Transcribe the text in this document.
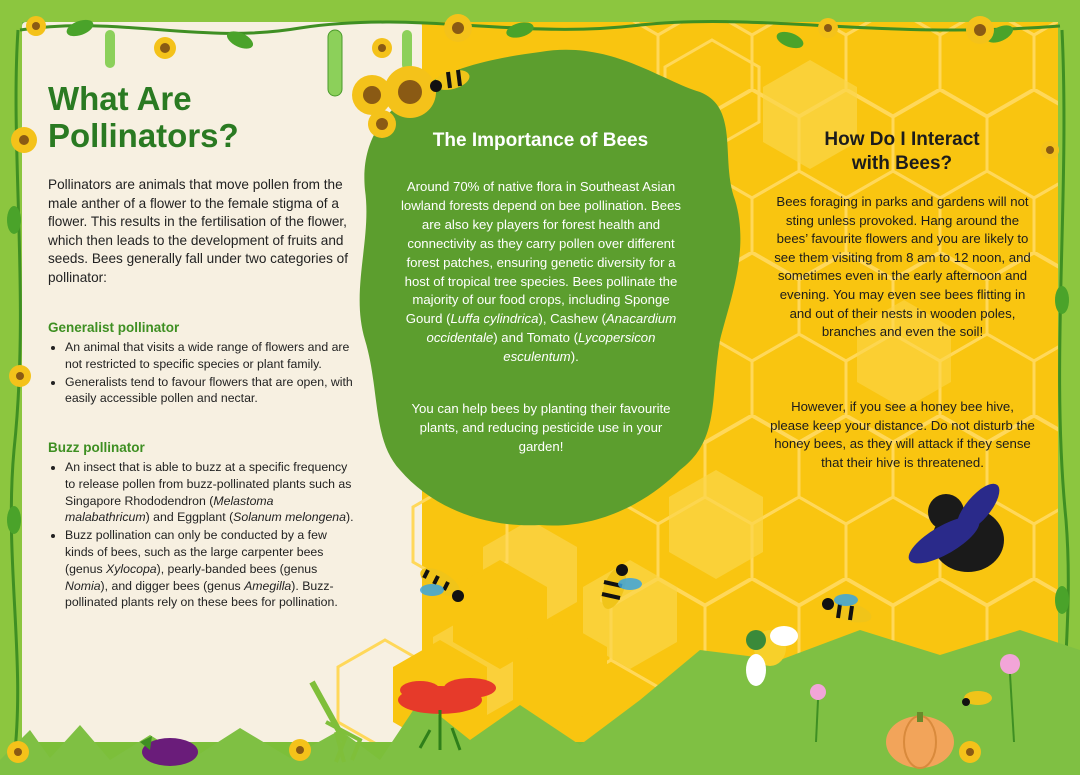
What Are
Pollinators?

Pollinators are animals that move pollen from the male anther of a flower to the female stigma of a flower. This results in the fertilisation of the flower, which then leads to the development of fruits and seeds. Bees generally fall under two categories of pollinator:

Generalist pollinator

• An animal that visits a wide range of flowers and are not restricted to specific species or plant family.
• Generalists tend to favour flowers that are open, with easily accessible pollen and nectar.

Buzz pollinator

• An insect that is able to buzz at a specific frequency to release pollen from buzz-pollinated plants such as Singapore Rhododendron (Melastoma malabathricum) and Eggplant (Solanum melongena).
• Buzz pollination can only be conducted by a few kinds of bees, such as the large carpenter bees (genus Xylocopa), pearly-banded bees (genus Nomia), and digger bees (genus Amegilla). Buzz-pollinated plants rely on these bees for pollination.
The Importance of Bees

Around 70% of native flora in Southeast Asian lowland forests depend on bee pollination. Bees are also key players for forest health and connectivity as they carry pollen over different forest patches, ensuring genetic diversity for a host of tropical tree species. Bees pollinate the majority of our food crops, including Sponge Gourd (Luffa cylindrica), Cashew (Anacardium occidentale) and Tomato (Lycopersicon esculentum).

You can help bees by planting their favourite plants, and reducing pesticide use in your garden!

How Do I Interact
with Bees?

Bees foraging in parks and gardens will not sting unless provoked. Hang around the bees’ favourite flowers and you are likely to see them visiting from 8 am to 12 noon, and sometimes even in the early afternoon and evening. You may even see bees flitting in and out of their nests in wooden poles, branches and even the soil!

However, if you see a honey bee hive, please keep your distance. Do not disturb the honey bees, as they will attack if they sense that their hive is threatened.
